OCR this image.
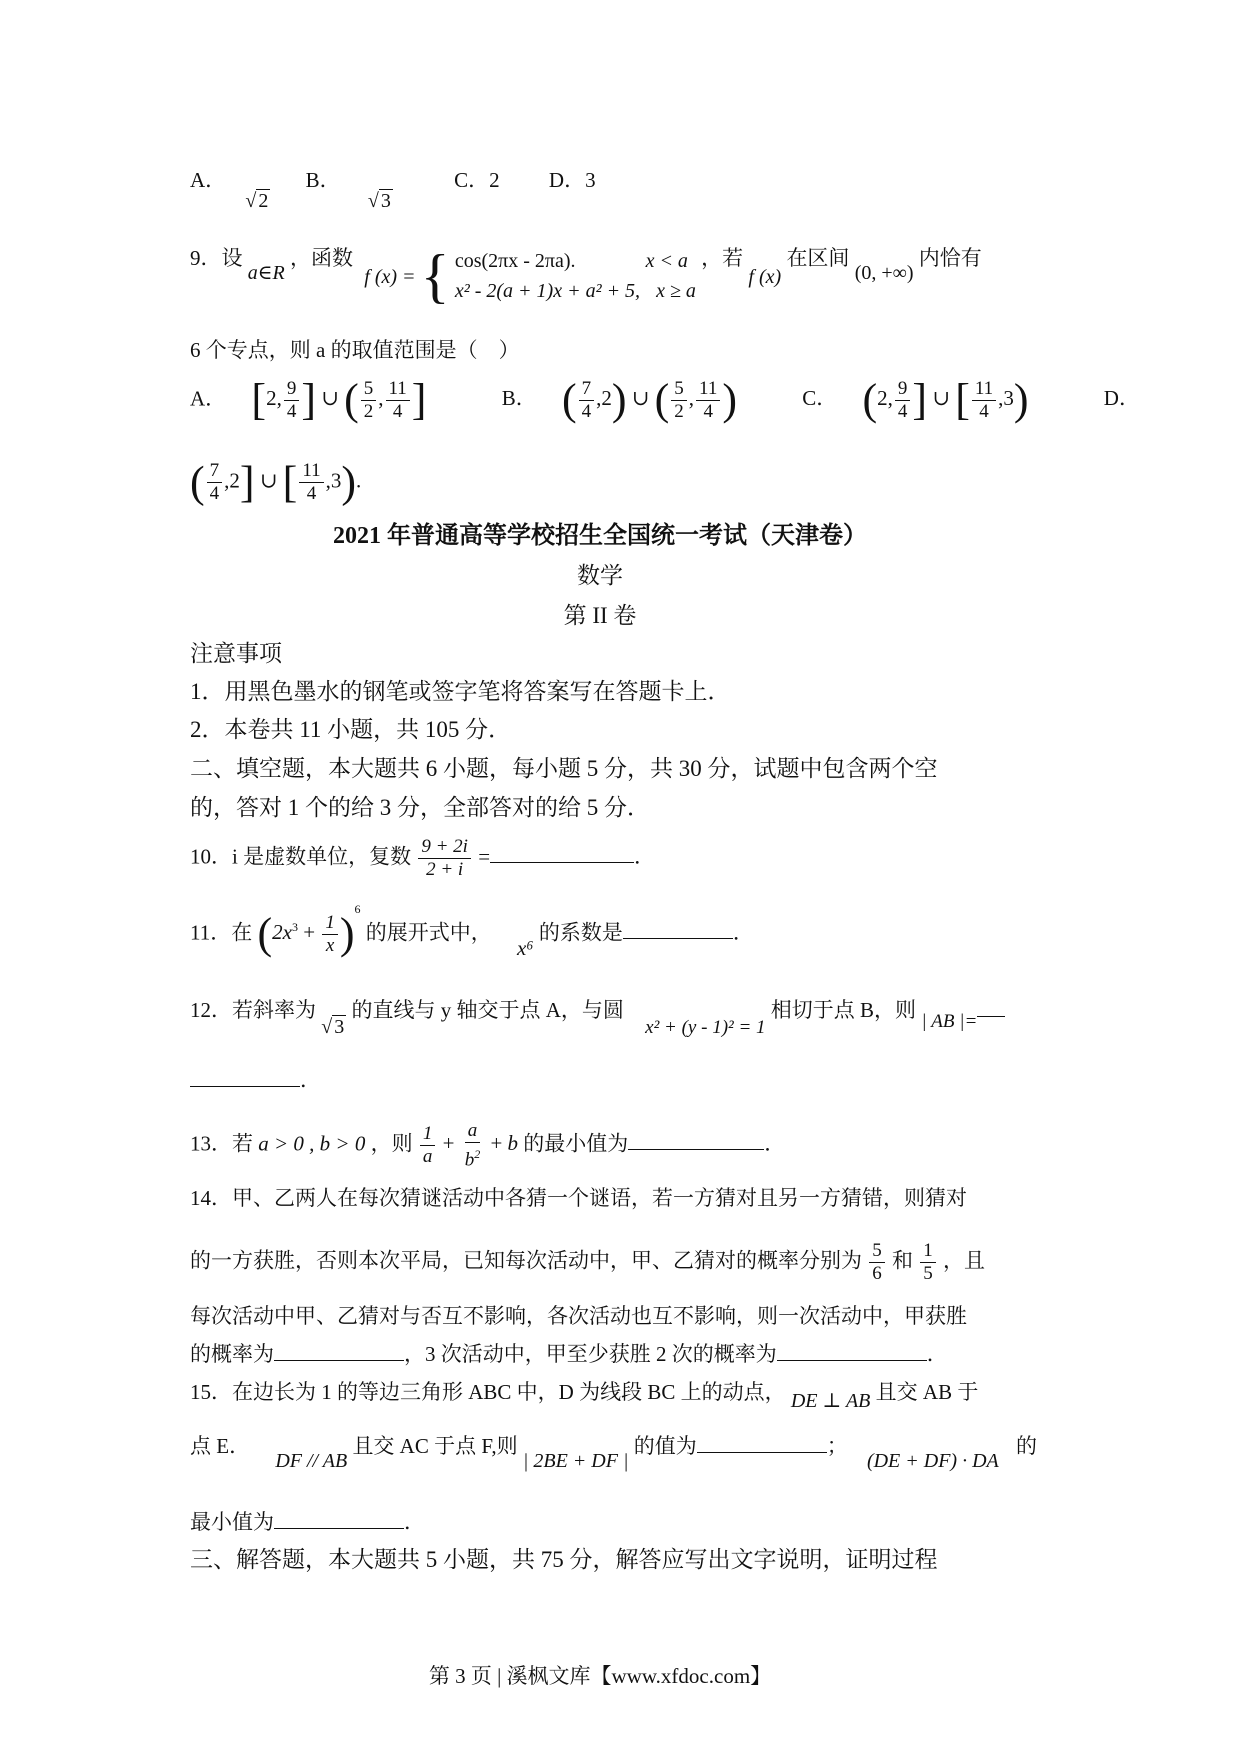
A． √ 2 B． √ 3 C．2 D．3
9．设 a∈R ，函数 f (x) = { cos(2πx - 2πa).	x < a
x² - 2(a + 1)x + a² + 5, x ≥ a
，若 f (x) 在区间 (0, +∞) 内恰有
6 个专点，则 a 的取值范围是（　）
A． [2, $\frac{9}{4}$ ] ∪ ( $\frac{5}{2}$ , $\frac{11}{4}$ ]	B． ( $\frac{7}{4} ,2$) ∪ ( $\frac{5}{2}$ , $\frac{11}{4}$ )	C． (2, $\frac{9}{4}$ ] ∪ [ $\frac{11}{4} ,3$)	D．
( $\frac{7}{4} ,2$] ∪ [ $\frac{11}{4} ,3$).
2021 年普通高等学校招生全国统一考试（天津卷）
数学
第 II 卷
注意事项
1．用黑色墨水的钢笔或签字笔将答案写在答题卡上．
2．本卷共 11 小题，共 105 分．
二、填空题，本大题共 6 小题，每小题 5 分，共 30 分，试题中包含两个空
的，答对 1 个的给 3 分，全部答对的给 5 分．
10．i 是虚数单位，复数 $\frac{9 + 2i}{2 + i}$ =	．
11．在 $(2x^3 + \frac{1}{x} )^6$ 的展开式中， x⁶ 的系数是	．
12．若斜率为 √ 3 的直线与 y 轴交于点 A，与圆 x² + (y - 1)² = 1 相切于点 B，则 | AB |=
．
13．若 a > 0 , b > 0 ，则 $\frac{1}{a} + \frac{a}{b^2} + b$ 的最小值为	．
14．甲、乙两人在每次猜谜活动中各猜一个谜语，若一方猜对且另一方猜错，则猜对
的一方获胜，否则本次平局，已知每次活动中，甲、乙猜对的概率分别为 $\frac{5}{6}$ 和 $\frac{1}{5}$ ，且
每次活动中甲、乙猜对与否互不影响，各次活动也互不影响，则一次活动中，甲获胜
的概率为	，3 次活动中，甲至少获胜 2 次的概率为	．
15．在边长为 1 的等边三角形 ABC 中，D 为线段 BC 上的动点， DE ⊥ AB 且交 AB 于
点 E． DF // AB 且交 AC 于点 F,则 | 2BE + DF | 的值为	； (DE + DF) · DA 的
最小值为	．
三、解答题，本大题共 5 小题，共 75 分，解答应写出文字说明，证明过程
第 3 页 | 溪枫文库【www.xfdoc.com】
